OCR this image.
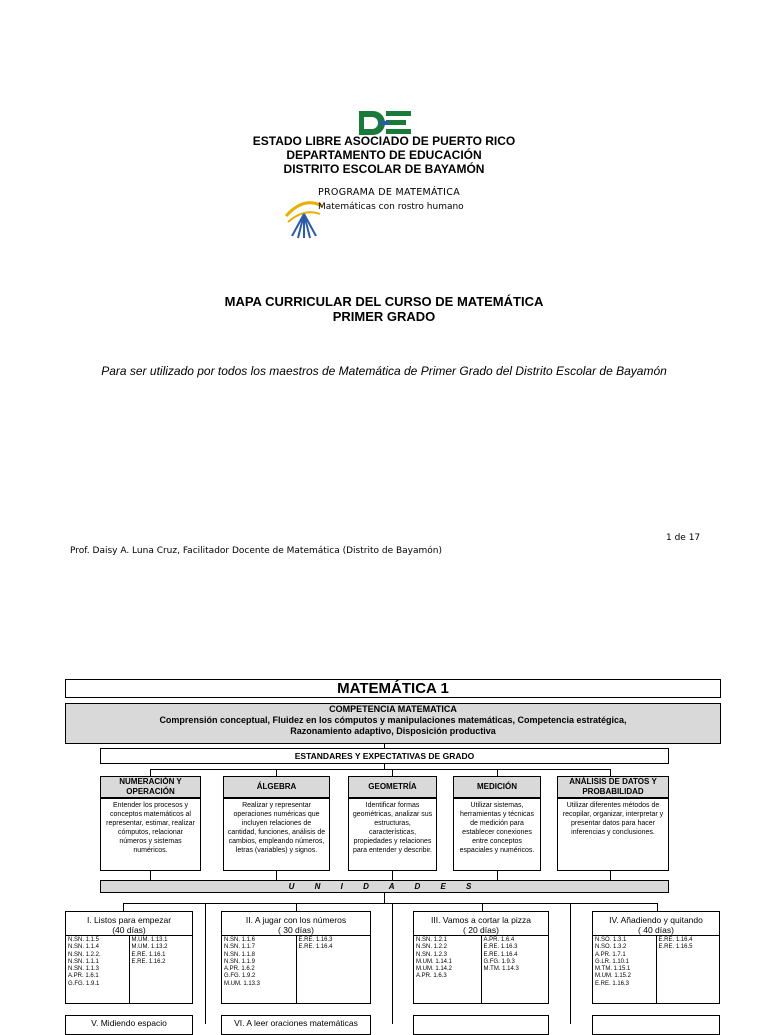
ESTADO LIBRE ASOCIADO DE PUERTO RICO
DEPARTAMENTO DE EDUCACIÓN
DISTRITO ESCOLAR DE BAYAMÓN
PROGRAMA DE MATEMÁTICA
Matemáticas con rostro humano
MAPA CURRICULAR DEL CURSO DE MATEMÁTICA
PRIMER GRADO
Para ser utilizado por todos los maestros de Matemática de Primer Grado del Distrito Escolar de Bayamón
1 de 17
Prof. Daisy A. Luna Cruz, Facilitador Docente de Matemática (Distrito de Bayamón)
MATEMÁTICA 1
COMPETENCIA MATEMATICA
Comprensión conceptual, Fluidez en los cómputos y manipulaciones matemáticas, Competencia estratégica,
Razonamiento adaptivo, Disposición productiva
ESTANDARES Y EXPECTATIVAS DE GRADO
NUMERACIÓN Y OPERACIÓN
Entender los procesos y conceptos matemáticos al representar, estimar, realizar cómputos, relacionar números y sistemas numéricos.
ÁLGEBRA
Realizar y representar operaciones numéricas que incluyen relaciones de cantidad, funciones, análisis de cambios, empleando números, letras (variables) y signos.
GEOMETRÍA
Identificar formas geométricas, analizar sus estructuras, características, propiedades y relaciones para entender y describir.
MEDICIÓN
Utilizar sistemas, herramientas y técnicas de medición para establecer conexiones entre conceptos espaciales y numéricos.
ANÁLISIS DE DATOS Y PROBABILIDAD
Utilizar diferentes métodos de recopilar, organizar, interpretar y presentar datos para hacer inferencias y conclusiones.
U N I D A D E S
I. Listos para empezar
(40 días)
N.SN. 1.1.5
N.SN. 1.1.4
N.SN. 1.2.2.
N.SN. 1.1.1
N.SN. 1.1.3
A.PR. 1.6.1
G.FG. 1.9.1
M.UM. 1.13.1
M.UM. 1.13.2
E.RE. 1.16.1
E.RE. 1.16.2
II. A jugar con los números
( 30 días)
N.SN. 1.1.6
N.SN. 1.1.7
N.SN. 1.1.8
N.SN. 1.1.9
A.PR. 1.6.2
G.FG. 1.9.2
M.UM. 1.13.3
E.RE. 1.16.3
E.RE. 1.16.4
III. Vamos a cortar la pizza
( 20 días)
N.SN. 1.2.1
N.SN. 1.2.2
N.SN. 1.2.3
M.UM. 1.14.1
M.UM. 1.14.2
A.PR. 1.6.3
A.PR. 1.6.4
E.RE. 1.16.3
E.RE. 1.16.4
G.FG. 1.9.3
M.TM. 1.14.3
IV. Añadiendo y quitando
( 40 días)
N.SO. 1.3.1
N.SO. 1.3.2
A.PR. 1.7.1
G.LR. 1.10.1
M.TM. 1.15.1
M.UM. 1.15.2
E.RE. 1.16.3
E.RE. 1.16.4
E.RE. 1.16.5
V. Midiendo espacio	VI. A leer oraciones matemáticas
